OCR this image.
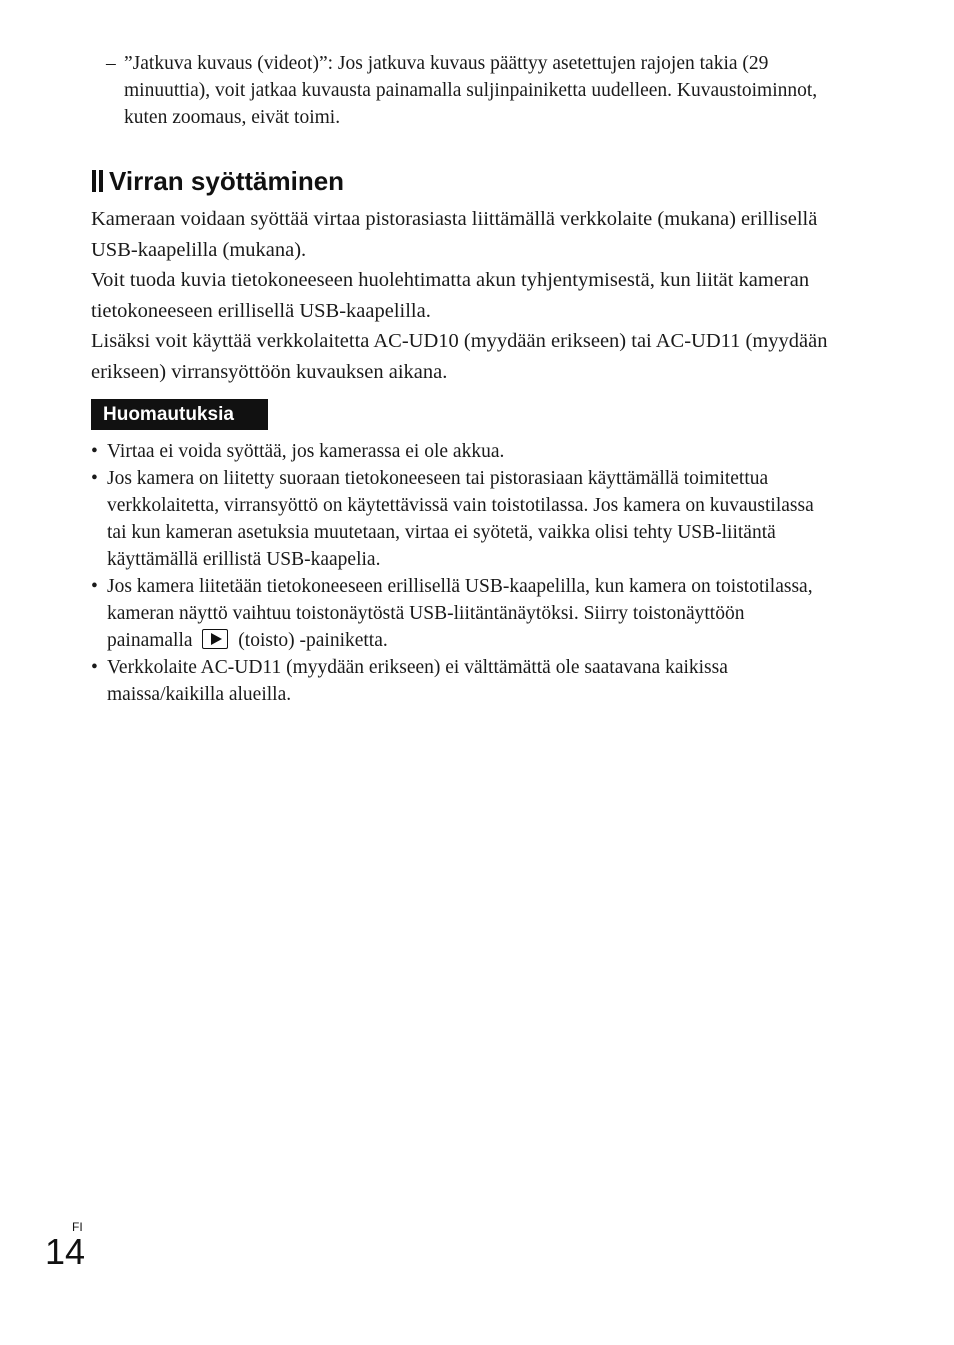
– ”Jatkuva kuvaus (videot)”: Jos jatkuva kuvaus päättyy asetettujen rajojen takia (29 minuuttia), voit jatkaa kuvausta painamalla suljinpainiketta uudelleen. Kuvaustoiminnot, kuten zoomaus, eivät toimi.
Virran syöttäminen

Kameraan voidaan syöttää virtaa pistorasiasta liittämällä verkkolaite (mukana) erillisellä USB-kaapelilla (mukana).

Voit tuoda kuvia tietokoneeseen huolehtimatta akun tyhjentymisestä, kun liität kameran tietokoneeseen erillisellä USB-kaapelilla.

Lisäksi voit käyttää verkkolaitetta AC-UD10 (myydään erikseen) tai AC-UD11 (myydään erikseen) virransyöttöön kuvauksen aikana.

Huomautuksia
• Virtaa ei voida syöttää, jos kamerassa ei ole akkua.
• Jos kamera on liitetty suoraan tietokoneeseen tai pistorasiaan käyttämällä toimitettua verkkolaitetta, virransyöttö on käytettävissä vain toistotilassa. Jos kamera on kuvaustilassa tai kun kameran asetuksia muutetaan, virtaa ei syötetä, vaikka olisi tehty USB-liitäntä käyttämällä erillistä USB-kaapelia.
• Jos kamera liitetään tietokoneeseen erillisellä USB-kaapelilla, kun kamera on toistotilassa, kameran näyttö vaihtuu toistonäytöstä USB-liitäntänäytöksi. Siirry toistonäyttöön painamalla (toisto) -painiketta.
• Verkkolaite AC-UD11 (myydään erikseen) ei välttämättä ole saatavana kaikissa maissa/kaikilla alueilla.
FI
14
